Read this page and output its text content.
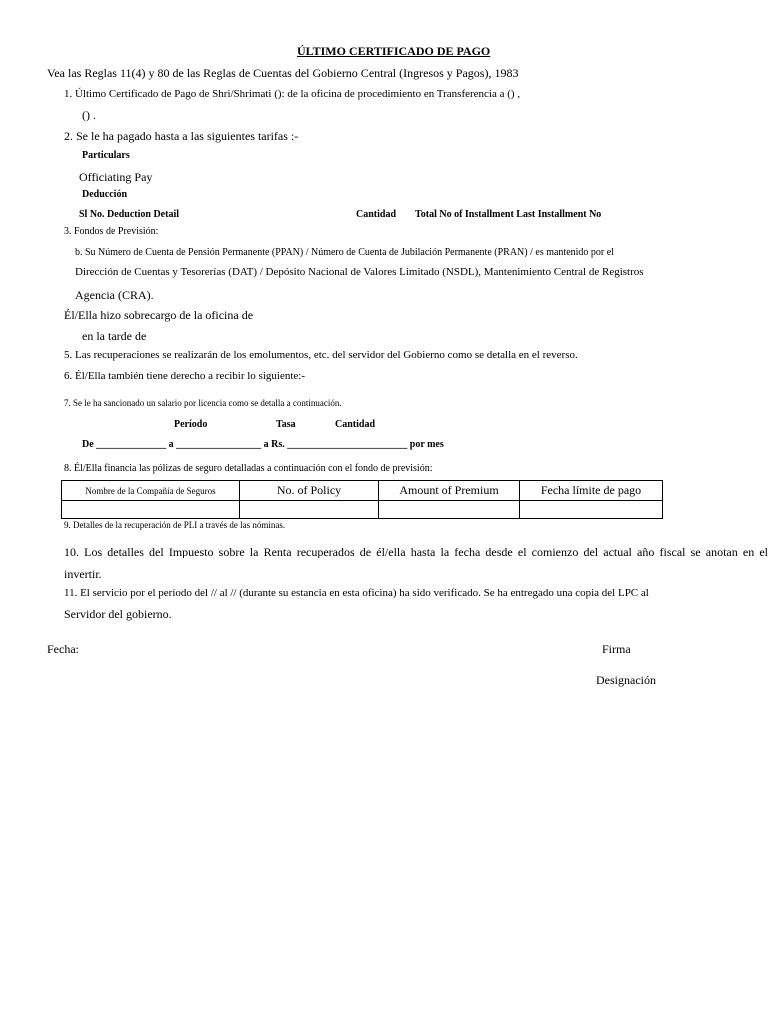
ÚLTIMO CERTIFICADO DE PAGO
Vea las Reglas 11(4) y 80 de las Reglas de Cuentas del Gobierno Central (Ingresos y Pagos), 1983
1. Último Certificado de Pago de Shri/Shrimati (): de la oficina de procedimiento en Transferencia a () ,
() .
2. Se le ha pagado hasta a las siguientes tarifas :-
Particulars
Officiating Pay
Deducción
Sl No. Deduction Detail	Cantidad Total No of Installment Last Installment No
3. Fondos de Previsión:
b. Su Número de Cuenta de Pensión Permanente (PPAN) / Número de Cuenta de Jubilación Permanente (PRAN) / es mantenido por el
Dirección de Cuentas y Tesorerías (DAT) / Depósito Nacional de Valores Limitado (NSDL), Mantenimiento Central de Registros
Agencia (CRA).
Él/Ella hizo sobrecargo de la oficina de
en la tarde de
5. Las recuperaciones se realizarán de los emolumentos, etc. del servidor del Gobierno como se detalla en el reverso.
6. Él/Ella también tiene derecho a recibir lo siguiente:-
7. Se le ha sancionado un salario por licencia como se detalla a continuación.
Período	Tasa	Cantidad
De ______________ a _________________ a Rs. ________________________ por mes
8. Él/Ella financia las pólizas de seguro detalladas a continuación con el fondo de previsión:
Nombre de la Compañía de Seguros	No. of Policy	Amount of Premium	Fecha límite de pago

9. Detalles de la recuperación de PLI a través de las nóminas.
10. Los detalles del Impuesto sobre la Renta recuperados de él/ella hasta la fecha desde el comienzo del actual año fiscal se anotan en el
invertir.
11. El servicio por el período del // al // (durante su estancia en esta oficina) ha sido verificado. Se ha entregado una copia del LPC al
Servidor del gobierno.
Fecha:	Firma
Designación
